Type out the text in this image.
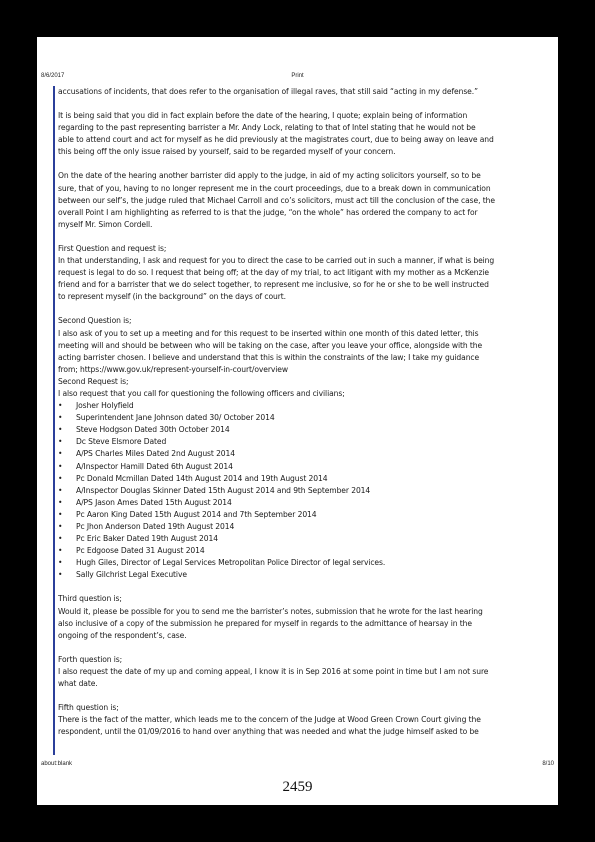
8/6/2017	Print

accusations of incidents, that does refer to the organisation of illegal raves, that still said “acting in my defense.”

It is being said that you did in fact explain before the date of the hearing, I quote; explain being of information

regarding to the past representing barrister a Mr. Andy Lock, relating to that of Intel stating that he would not be

able to attend court and act for myself as he did previously at the magistrates court, due to being away on leave and

this being off the only issue raised by yourself, said to be regarded myself of your concern.

On the date of the hearing another barrister did apply to the judge, in aid of my acting solicitors yourself, so to be

sure, that of you, having to no longer represent me in the court proceedings, due to a break down in communication

between our self’s, the judge ruled that Michael Carroll and co’s solicitors, must act till the conclusion of the case, the

overall Point I am highlighting as referred to is that the judge, “on the whole” has ordered the company to act for

myself Mr. Simon Cordell.

First Question and request is;

In that understanding, I ask and request for you to direct the case to be carried out in such a manner, if what is being

request is legal to do so. I request that being off; at the day of my trial, to act litigant with my mother as a McKenzie

friend and for a barrister that we do select together, to represent me inclusive, so for he or she to be well instructed

to represent myself (in the background” on the days of court.

Second Question is;

I also ask of you to set up a meeting and for this request to be inserted within one month of this dated letter, this

meeting will and should be between who will be taking on the case, after you leave your office, alongside with the

acting barrister chosen. I believe and understand that this is within the constraints of the law; I take my guidance

from; https://www.gov.uk/represent-yourself-in-court/overview

Second Request is;

I also request that you call for questioning the following officers and civilians;

• Josher Holyfield
• Superintendent Jane Johnson dated 30/ October 2014
• Steve Hodgson Dated 30th October 2014
• Dc Steve Elsmore Dated
• A/PS Charles Miles Dated 2nd August 2014
• A/Inspector Hamill Dated 6th August 2014
• Pc Donald Mcmillan Dated 14th August 2014 and 19th August 2014
• A/Inspector Douglas Skinner Dated 15th August 2014 and 9th September 2014
• A/PS Jason Ames Dated 15th August 2014
• Pc Aaron King Dated 15th August 2014 and 7th September 2014
• Pc Jhon Anderson Dated 19th August 2014
• Pc Eric Baker Dated 19th August 2014
• Pc Edgoose Dated 31 August 2014
• Hugh Giles, Director of Legal Services Metropolitan Police Director of legal services.
• Sally Gilchrist Legal Executive

Third question is;

Would it, please be possible for you to send me the barrister’s notes, submission that he wrote for the last hearing

also inclusive of a copy of the submission he prepared for myself in regards to the admittance of hearsay in the

ongoing of the respondent’s, case.

Forth question is;

I also request the date of my up and coming appeal, I know it is in Sep 2016 at some point in time but I am not sure

what date.

Fifth question is;

There is the fact of the matter, which leads me to the concern of the Judge at Wood Green Crown Court giving the

respondent, until the 01/09/2016 to hand over anything that was needed and what the judge himself asked to be

about:blank	8/10
2459
